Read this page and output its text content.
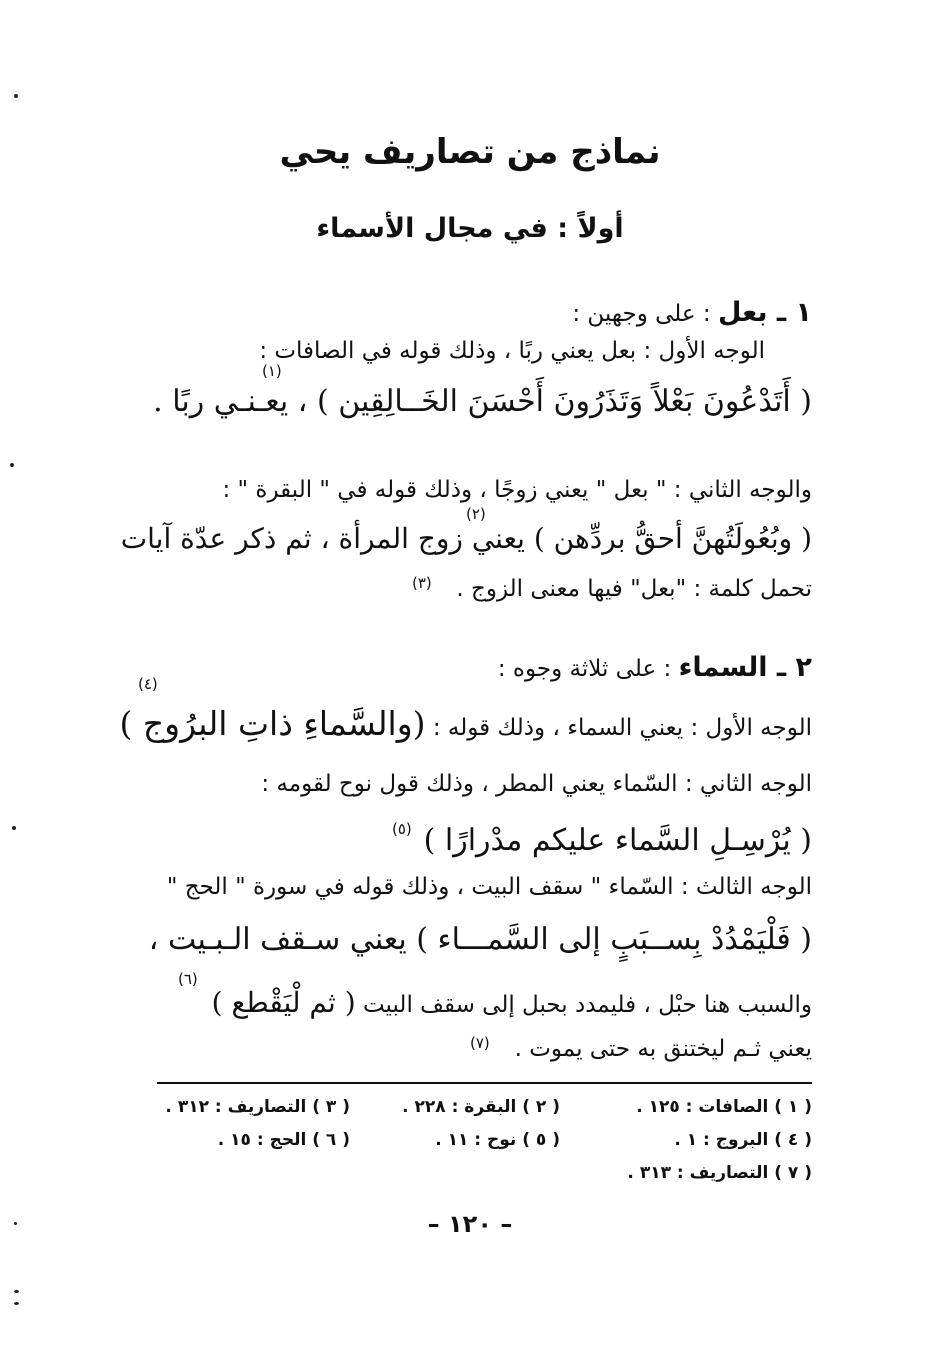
نماذج من تصاريف يحي
أولاً : في مجال الأسماء
١ ـ بعل : على وجهين :
الوجه الأول : بعل يعني ربًا ، وذلك قوله في الصافات :
(١)
( أَتَدْعُونَ بَعْلاً وَتَذَرُونَ أَحْسَنَ الخَــالِقِين ) ، يعـنـي ربًا .
والوجه الثاني : " بعل " يعني زوجًا ، وذلك قوله في " البقرة " :
(٢)
( وبُعُولَتُهنَّ أحقُّ بردِّهن ) يعني زوج المرأة ، ثم ذكر عدّة آيات
تحمل كلمة : "بعل" فيها معنى الزوج .
(٣)
٢ ـ السماء : على ثلاثة وجوه :
(٤)
الوجه الأول : يعني السماء ، وذلك قوله : (والسَّماءِ ذاتِ البرُوج )
الوجه الثاني : السّماء يعني المطر ، وذلك قول نوح لقومه :
( يُرْسِـلِ السَّماء عليكم مدْرارًا )
(٥)
الوجه الثالث : السّماء " سقف البيت ، وذلك قوله في سورة " الحج "
( فَلْيَمْدُدْ بِســبَبٍ إلى السَّمـــاء ) يعني سـقف الـبـيت ،
والسبب هنا حبْل ، فليمدد بحبل إلى سقف البيت ( ثم لْيَقْطع )
(٦)
يعني ثـم ليختنق به حتى يموت .
(٧)
( ١ ) الصافات : ١٢٥ .
( ٢ ) البقرة : ٢٢٨ .
( ٣ ) التصاريف : ٣١٢ .
( ٤ ) البروج : ١ .
( ٥ ) نوح : ١١ .
( ٦ ) الحج : ١٥ .
( ٧ ) التصاريف : ٣١٣ .
– ١٢٠ –
